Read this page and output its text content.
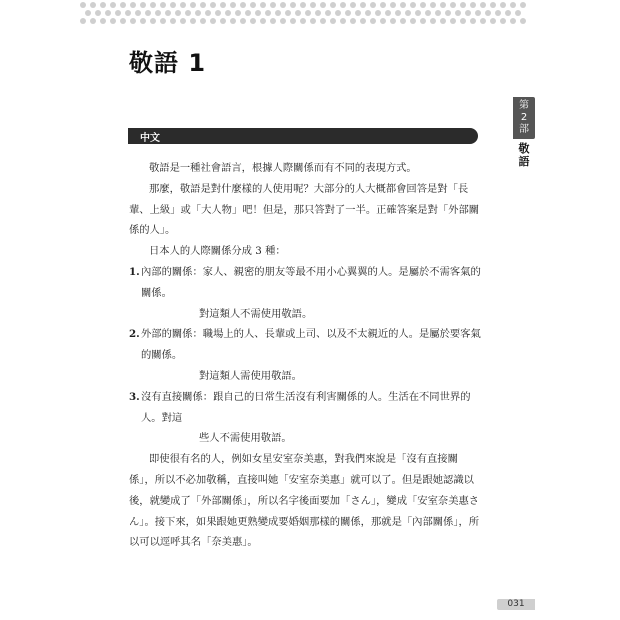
敬語 1
第
2
部
敬語
中文

敬語是一種社會語言，根據人際關係而有不同的表現方式。

那麼，敬語是對什麼樣的人使用呢？大部分的人大概都會回答是對「長輩、上級」或「大人物」吧！但是，那只答對了一半。正確答案是對「外部關係的人」。

日本人的人際關係分成 3 種：

1. 內部的關係：家人、親密的朋友等最不用小心翼翼的人。是屬於不需客氣的關係。

對這類人不需使用敬語。

2. 外部的關係：職場上的人、長輩或上司、以及不太親近的人。是屬於要客氣的關係。

對這類人需使用敬語。

3. 沒有直接關係：跟自己的日常生活沒有利害關係的人。生活在不同世界的人。對這

些人不需使用敬語。

即使很有名的人，例如女星安室奈美惠，對我們來說是「沒有直接關係」，所以不必加敬稱，直接叫她「安室奈美惠」就可以了。但是跟她認識以後，就變成了「外部關係」，所以名字後面要加「さん」，變成「安室奈美惠さん」。接下來，如果跟她更熟變成要婚姻那樣的關係，那就是「內部關係」，所以可以逕呼其名「奈美惠」。

031
